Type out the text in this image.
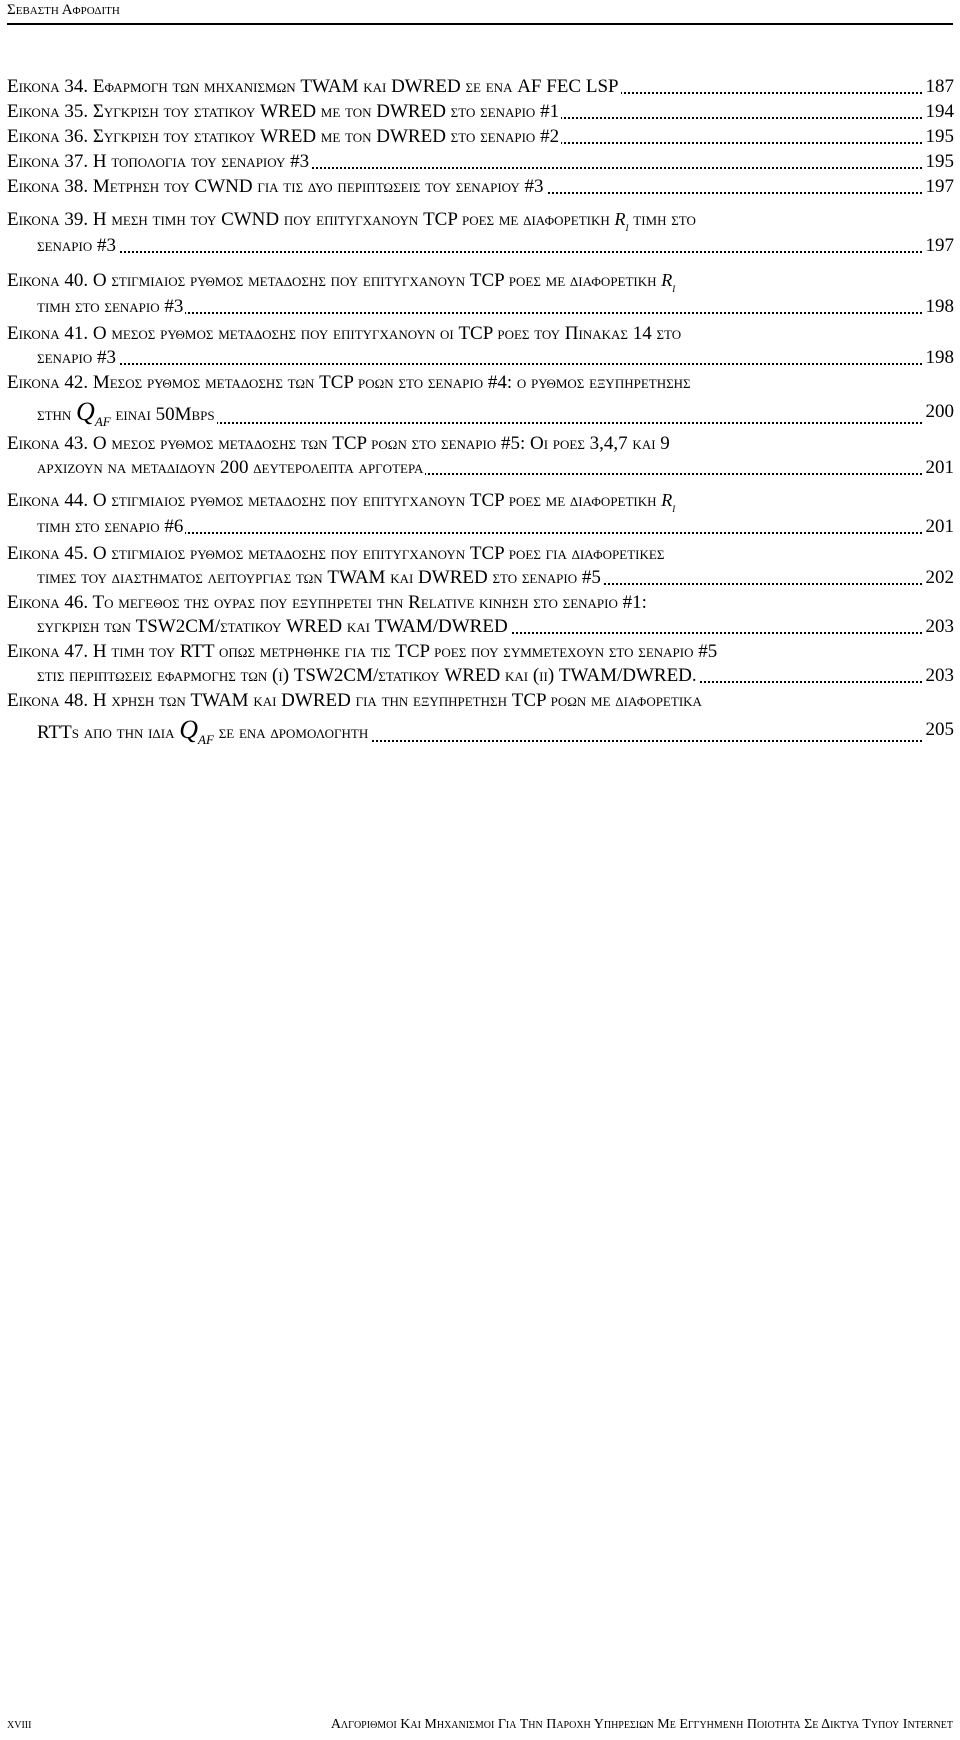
Σεβαστη Αφροδιτη
Εικονα 34. Εφαρμογη των μηχανισμων TWAM και DWRED σε ενα AF FEC LSP	187
Εικονα 35. Συγκριση του στατικου WRED με τον DWRED στο σεναριο #1	194
Εικονα 36. Συγκριση του στατικου WRED με τον DWRED στο σεναριο #2	195
Εικονα 37. Η τοπολογια του σεναριου #3	195
Εικονα 38. Μετρηση του CWND για τις δυο περιπτωσεις του σεναριου #3	197
Εικονα 39. Η μεση τιμη του CWND που επιτυγχανουν TCP ροες με διαφορετικη $r_i$ τιμη στο
σεναριο #3	197
Εικονα 40. Ο στιγμιαιος ρυθμος μεταδοσης που επιτυγχανουν TCP ροες με διαφορετικη $r_i$
τιμη στο σεναριο #3	198
Εικονα 41. Ο μεσος ρυθμος μεταδοσης που επιτυγχανουν οι TCP ροες του Πινακας 14 στο
σεναριο #3	198
Εικονα 42. Μεσος ρυθμος μεταδοσης των TCP ροων στο σεναριο #4: ο ρυθμος εξυπηρετησης
στην $Q_{AF}$ ειναι 50Mbps	200
Εικονα 43. Ο μεσος ρυθμος μεταδοσης των TCP ροων στο σεναριο #5: Οι ροες 3,4,7 και 9
αρχιζουν να μεταδιδουν 200 δευτερολεπτα αργοτερα	201
Εικονα 44. Ο στιγμιαιος ρυθμος μεταδοσης που επιτυγχανουν TCP ροες με διαφορετικη $r_i$
τιμη στο σεναριο #6	201
Εικονα 45. Ο στιγμιαιος ρυθμος μεταδοσης που επιτυγχανουν TCP ροες για διαφορετικες
τιμες του διαστηματος λειτουργιας των TWAM και DWRED στο σεναριο #5	202
Εικονα 46. Το μεγεθος της ουρας που εξυπηρετει την Relative κινηση στο σεναριο #1:
συγκριση των TSW2CM/στατικου WRED και TWAM/DWRED	203
Εικονα 47. Η τιμη του RTT οπως μετρηθηκε για τις TCP ροες που συμμετεχουν στο σεναριο #5
στις περιπτωσεις εφαρμογης των (i) TSW2CM/στατικου WRED και (ii) TWAM/DWRED.	203
Εικονα 48. Η χρηση των TWAM και DWRED για την εξυπηρετηση TCP ροων με διαφορετικα
RTTs απο την ιδια $Q_{AF}$ σε ενα δρομολογητη	205
xviii	Αλγοριθμοι Και Μηχανισμοι Για Την Παροχη Υπηρεσιων Με Εγγυημενη Ποιοτητα Σε Δικτυα Τυπου Internet
